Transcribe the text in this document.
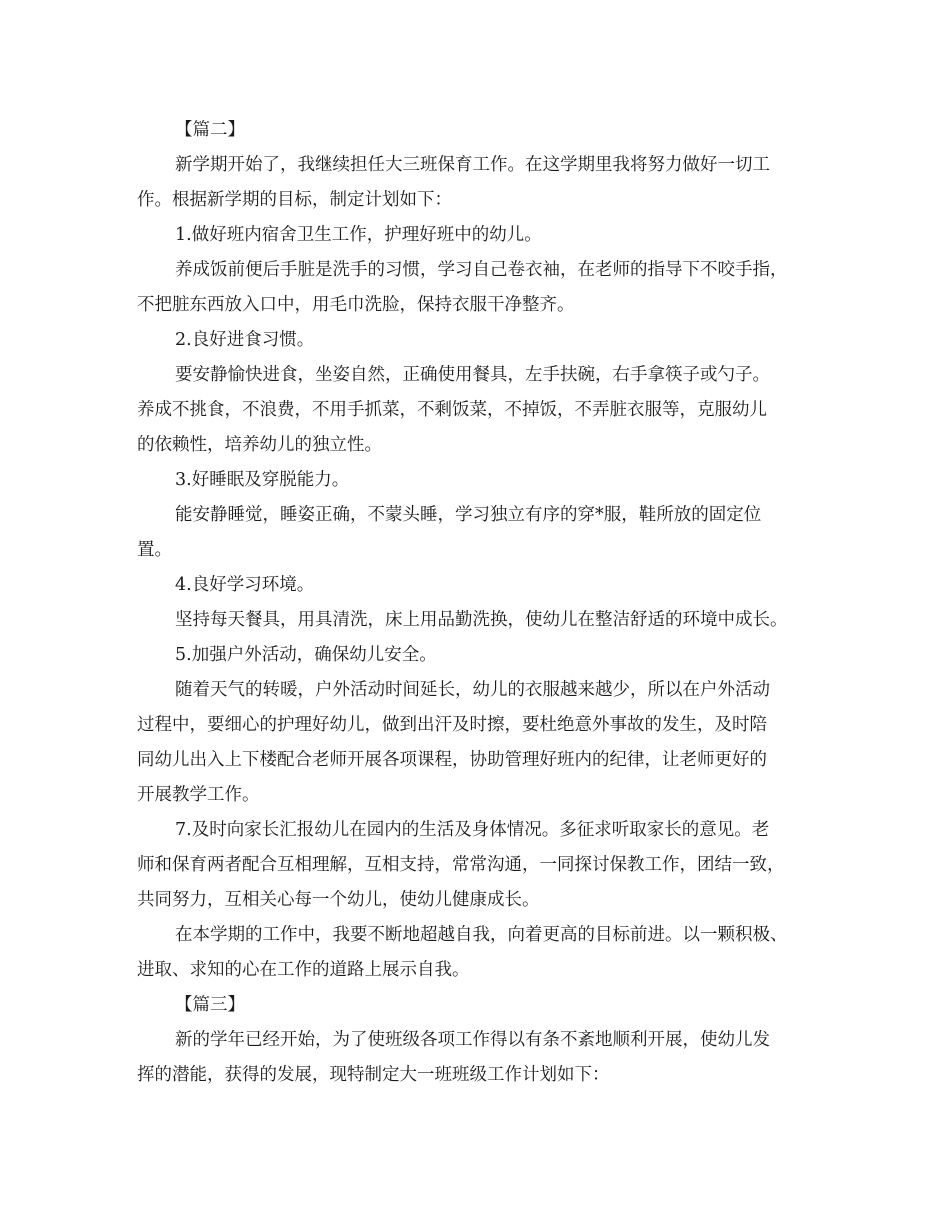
【篇二】

新学期开始了，我继续担任大三班保育工作。在这学期里我将努力做好一切工

作。根据新学期的目标，制定计划如下：

1.做好班内宿舍卫生工作，护理好班中的幼儿。

养成饭前便后手脏是洗手的习惯，学习自己卷衣袖，在老师的指导下不咬手指，

不把脏东西放入口中，用毛巾洗脸，保持衣服干净整齐。

2.良好进食习惯。

要安静愉快进食，坐姿自然，正确使用餐具，左手扶碗，右手拿筷子或勺子。

养成不挑食，不浪费，不用手抓菜，不剩饭菜，不掉饭，不弄脏衣服等，克服幼儿

的依赖性，培养幼儿的独立性。

3.好睡眠及穿脱能力。

能安静睡觉，睡姿正确，不蒙头睡，学习独立有序的穿*服，鞋所放的固定位

置。

4.良好学习环境。

坚持每天餐具，用具清洗，床上用品勤洗换，使幼儿在整洁舒适的环境中成长。

5.加强户外活动，确保幼儿安全。

随着天气的转暖，户外活动时间延长，幼儿的衣服越来越少，所以在户外活动

过程中，要细心的护理好幼儿，做到出汗及时擦，要杜绝意外事故的发生，及时陪

同幼儿出入上下楼配合老师开展各项课程，协助管理好班内的纪律，让老师更好的

开展教学工作。

7.及时向家长汇报幼儿在园内的生活及身体情况。多征求听取家长的意见。老

师和保育两者配合互相理解，互相支持，常常沟通，一同探讨保教工作，团结一致，

共同努力，互相关心每一个幼儿，使幼儿健康成长。

在本学期的工作中，我要不断地超越自我，向着更高的目标前进。以一颗积极、

进取、求知的心在工作的道路上展示自我。

【篇三】

新的学年已经开始，为了使班级各项工作得以有条不紊地顺利开展，使幼儿发

挥的潜能，获得的发展，现特制定大一班班级工作计划如下：
